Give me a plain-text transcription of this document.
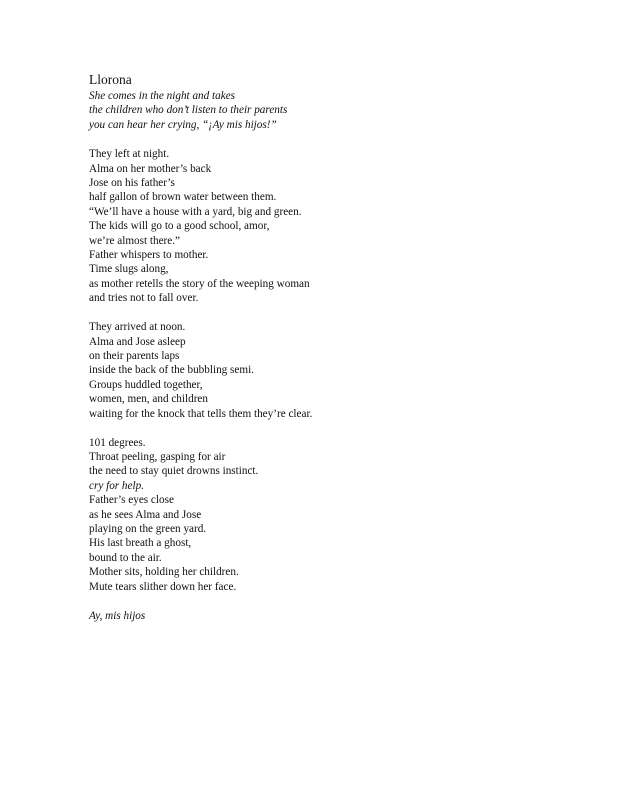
Llorona
She comes in the night and takes
the children who don’t listen to their parents
you can hear her crying, “¡Ay mis hijos!”
They left at night.
Alma on her mother’s back
Jose on his father’s
half gallon of brown water between them.
“We’ll have a house with a yard, big and green.
The kids will go to a good school, amor,
we’re almost there.”
Father whispers to mother.
Time slugs along,
as mother retells the story of the weeping woman
and tries not to fall over.
They arrived at noon.
Alma and Jose asleep
on their parents laps
inside the back of the bubbling semi.
Groups huddled together,
women, men, and children
waiting for the knock that tells them they’re clear.
101 degrees.
Throat peeling, gasping for air
the need to stay quiet drowns instinct.
cry for help.
Father’s eyes close
as he sees Alma and Jose
playing on the green yard.
His last breath a ghost,
bound to the air.
Mother sits, holding her children.
Mute tears slither down her face.
Ay, mis hijos
